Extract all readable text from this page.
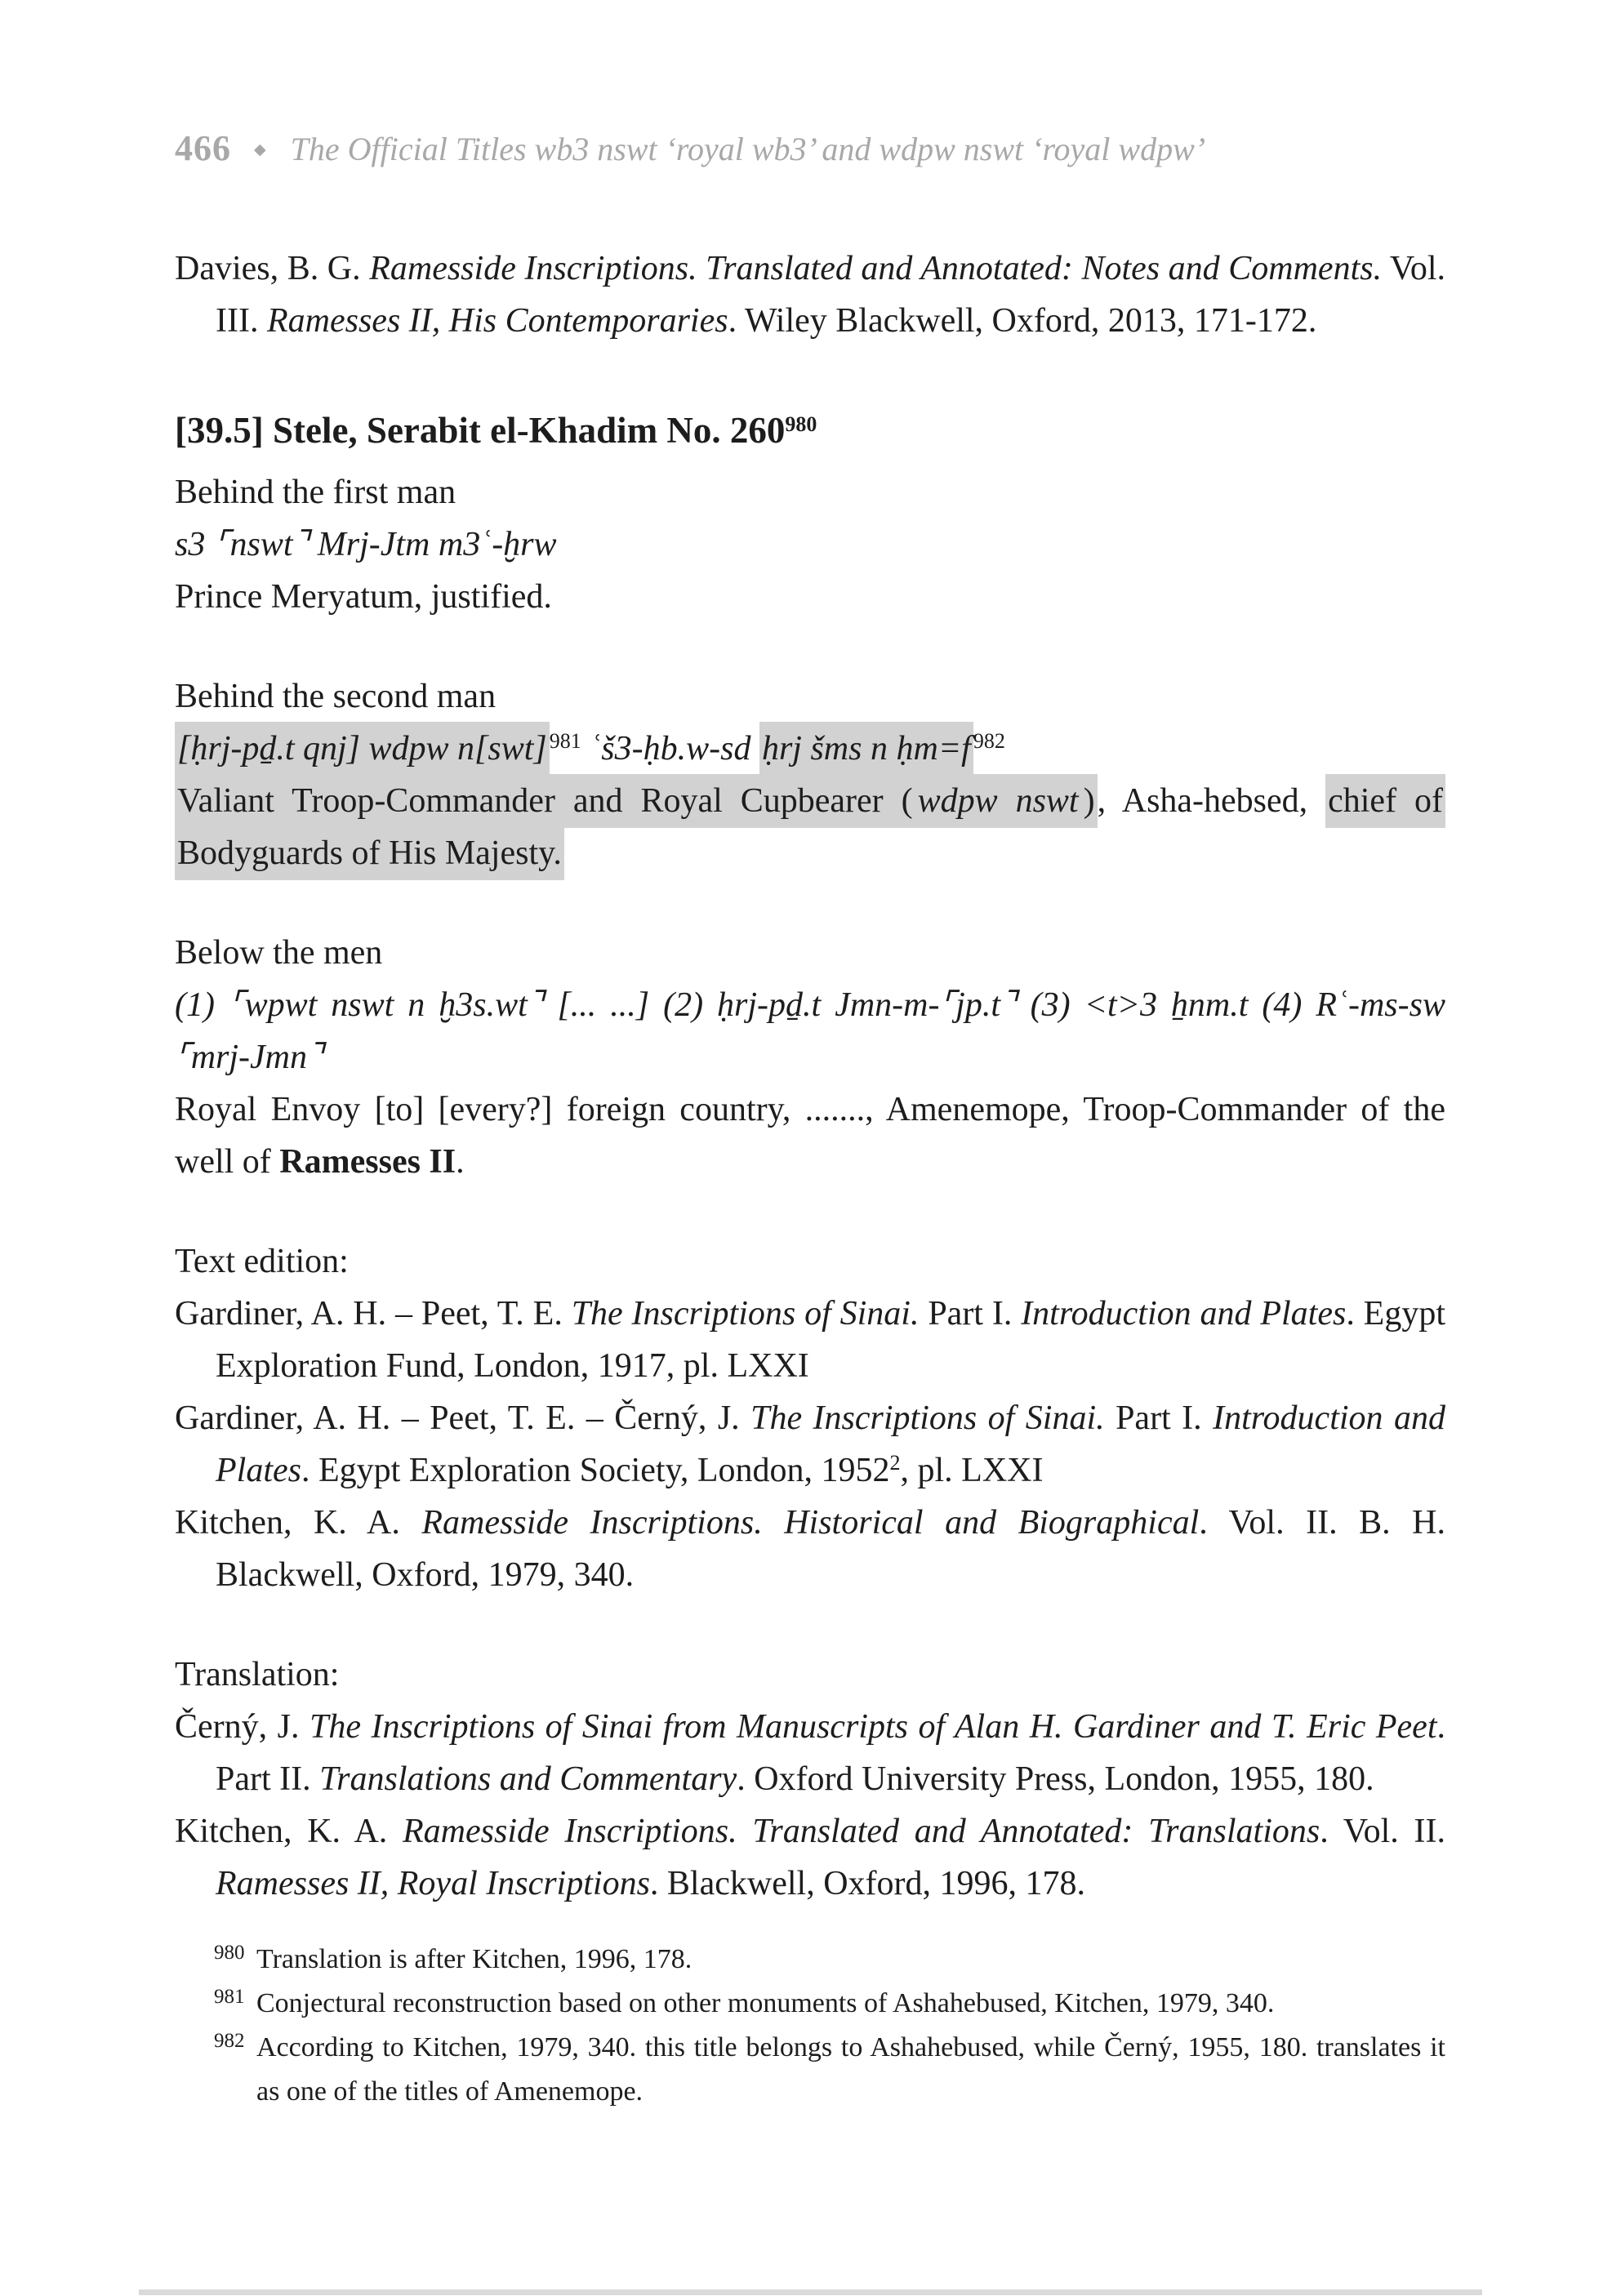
466 ◆ The Official Titles wb3 nswt ‘royal wb3’ and wdpw nswt ‘royal wdpw’

Davies, B. G. Ramesside Inscriptions. Translated and Annotated: Notes and Comments. Vol. III. Ramesses II, His Contemporaries. Wiley Blackwell, Oxford, 2013, 171-172.

[39.5] Stele, Serabit el-Khadim No. $260^{980}$

Behind the first man

s3 ⌜nswt⌝ Mrj-Jtm m3ʿ-ḫrw

Prince Meryatum, justified.

Behind the second man

[ḥrj-pḏ.t qnj] wdpw n[swt] $^{981}$ ʿš3-ḥb.w-sd ḥrj šms n ḥm=f $^{982}$

Valiant Troop-Commander and Royal Cupbearer ( wdpw nswt ), Asha-hebsed, chief of Bodyguards of His Majesty.

Below the men

(1) ⌜wpwt nswt n ḫ3s.wt⌝ [... ...] (2) ḥrj-pḏ.t Jmn-m-⌜jp.t⌝ (3) <t>3 ẖnm.t (4) Rʿ-ms-sw ⌜mrj-Jmn⌝

Royal Envoy [to] [every?] foreign country, ......., Amenemope, Troop-Commander of the well of Ramesses II.

Text edition:

Gardiner, A. H. – Peet, T. E. The Inscriptions of Sinai. Part I. Introduction and Plates. Egypt Exploration Fund, London, 1917, pl. LXXI

Gardiner, A. H. – Peet, T. E. – Černý, J. The Inscriptions of Sinai. Part I. Introduction and Plates. Egypt Exploration Society, London, 1952$^2$, pl. LXXI

Kitchen, K. A. Ramesside Inscriptions. Historical and Biographical. Vol. II. B. H. Blackwell, Oxford, 1979, 340.

Translation:

Černý, J. The Inscriptions of Sinai from Manuscripts of Alan H. Gardiner and T. Eric Peet. Part II. Translations and Commentary. Oxford University Press, London, 1955, 180.

Kitchen, K. A. Ramesside Inscriptions. Translated and Annotated: Translations. Vol. II. Ramesses II, Royal Inscriptions. Blackwell, Oxford, 1996, 178.

980 Translation is after Kitchen, 1996, 178.

981 Conjectural reconstruction based on other monuments of Ashahebused, Kitchen, 1979, 340.

982 According to Kitchen, 1979, 340. this title belongs to Ashahebused, while Černý, 1955, 180. translates it as one of the titles of Amenemope.
